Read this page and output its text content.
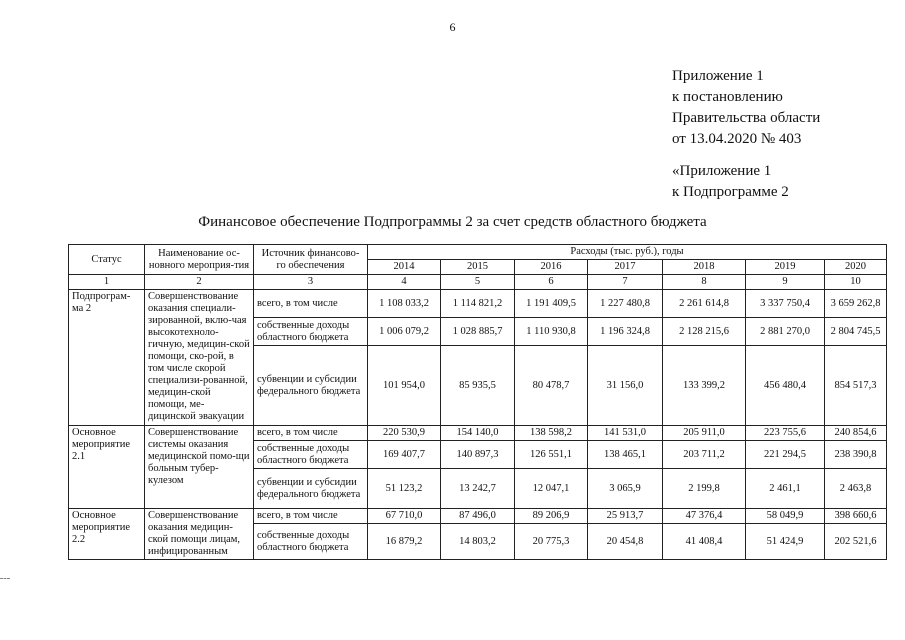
6
Приложение 1
к постановлению
Правительства области
от 13.04.2020 № 403
«Приложение 1
к Подпрограмме 2
Финансовое обеспечение Подпрограммы 2 за счет средств областного бюджета
Статус	Наименование ос-новного мероприя-тия	Источник финансово-го обеспечения	Расходы (тыс. руб.), годы						
			2014	2015	2016	2017	2018	2019	2020
1	2	3	4	5	6	7	8	9	10
Подпрограм-ма 2	Совершенствование оказания специали-зированной, вклю-чая высокотехноло-гичную, медицин-ской помощи, ско-рой, в том числе скорой специализи-рованной, медицин-ской помощи, ме-дицинской эвакуации	всего, в том числе	1 108 033,2	1 114 821,2	1 191 409,5	1 227 480,8	2 261 614,8	3 337 750,4	3 659 262,8
		собственные доходы областного бюджета	1 006 079,2	1 028 885,7	1 110 930,8	1 196 324,8	2 128 215,6	2 881 270,0	2 804 745,5
		субвенции и субсидии федерального бюджета	101 954,0	85 935,5	80 478,7	31 156,0	133 399,2	456 480,4	854 517,3
Основное мероприятие 2.1	Совершенствование системы оказания медицинской помо-щи больным тубер-кулезом	всего, в том числе	220 530,9	154 140,0	138 598,2	141 531,0	205 911,0	223 755,6	240 854,6
		собственные доходы областного бюджета	169 407,7	140 897,3	126 551,1	138 465,1	203 711,2	221 294,5	238 390,8
		субвенции и субсидии федерального бюджета	51 123,2	13 242,7	12 047,1	3 065,9	2 199,8	2 461,1	2 463,8
Основное мероприятие 2.2	Совершенствование оказания медицин-ской помощи лицам, инфицированным	всего, в том числе	67 710,0	87 496,0	89 206,9	25 913,7	47 376,4	58 049,9	398 660,6
		собственные доходы областного бюджета	16 879,2	14 803,2	20 775,3	20 454,8	41 408,4	51 424,9	202 521,6
